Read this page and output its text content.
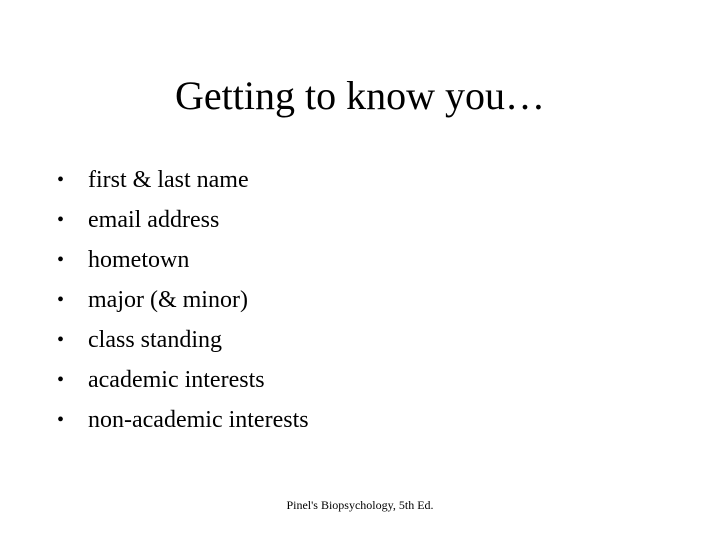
Getting to know you…
• first & last name
• email address
• hometown
• major (& minor)
• class standing
• academic interests
• non-academic interests
Pinel's Biopsychology, 5th Ed.
